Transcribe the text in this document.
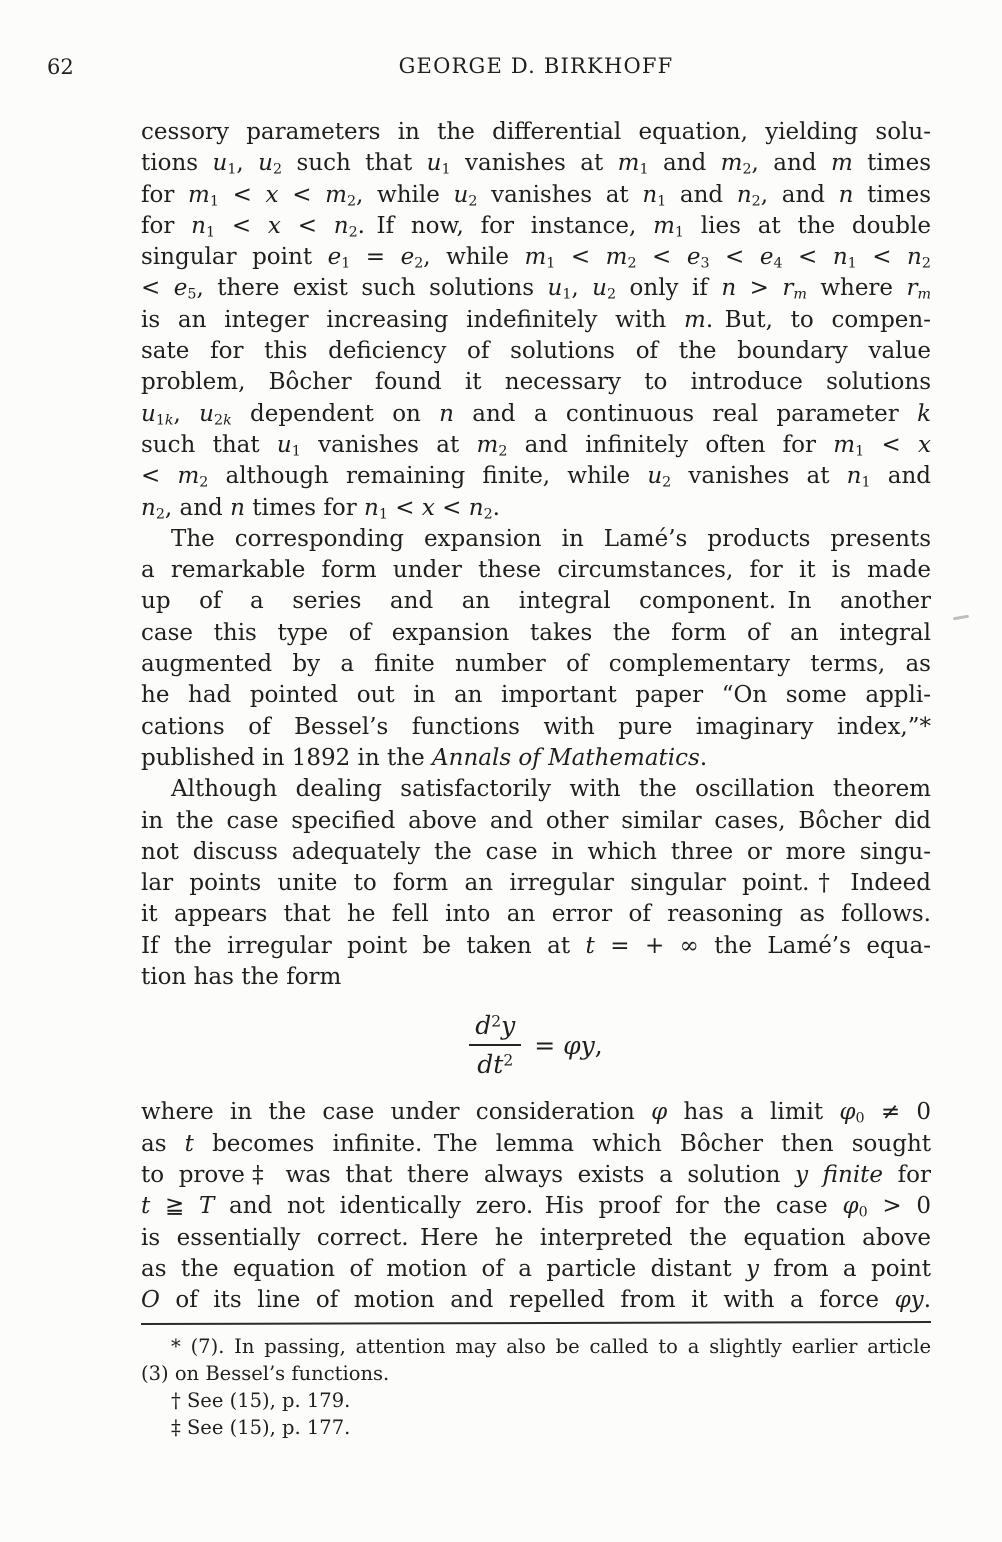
62	GEORGE D. BIRKHOFF
cessory parameters in the differential equation, yielding solu-
tions u1, u2 such that u1 vanishes at m1 and m2, and m times
for m1 < x < m2, while u2 vanishes at n1 and n2, and n times
for n1 < x < n2. If now, for instance, m1 lies at the double
singular point e1 = e2, while m1 < m2 < e3 < e4 < n1 < n2
< e5, there exist such solutions u1, u2 only if n > rm where rm
is an integer increasing indefinitely with m. But, to compen-
sate for this deficiency of solutions of the boundary value
problem, Bôcher found it necessary to introduce solutions
u1k, u2k dependent on n and a continuous real parameter k
such that u1 vanishes at m2 and infinitely often for m1 < x
< m2 although remaining finite, while u2 vanishes at n1 and
n2, and n times for n1 < x < n2.
The corresponding expansion in Lamé’s products presents
a remarkable form under these circumstances, for it is made
up of a series and an integral component. In another
case this type of expansion takes the form of an integral
augmented by a finite number of complementary terms, as
he had pointed out in an important paper “On some appli-
cations of Bessel’s functions with pure imaginary index,”*
published in 1892 in the Annals of Mathematics.
Although dealing satisfactorily with the oscillation theorem
in the case specified above and other similar cases, Bôcher did
not discuss adequately the case in which three or more singu-
lar points unite to form an irregular singular point.† Indeed
it appears that he fell into an error of reasoning as follows.
If the irregular point be taken at t = + ∞ the Lamé’s equa-
tion has the form
$\frac{d^2y}{dt^2} = \varphi y$,
where in the case under consideration φ has a limit φ0 ≠ 0
as t becomes infinite. The lemma which Bôcher then sought
to prove‡ was that there always exists a solution y finite for
t ≧ T and not identically zero. His proof for the case φ0 > 0
is essentially correct. Here he interpreted the equation above
as the equation of motion of a particle distant y from a point
O of its line of motion and repelled from it with a force φy.
* (7). In passing, attention may also be called to a slightly earlier article
(3) on Bessel’s functions.
† See (15), p. 179.
‡ See (15), p. 177.
